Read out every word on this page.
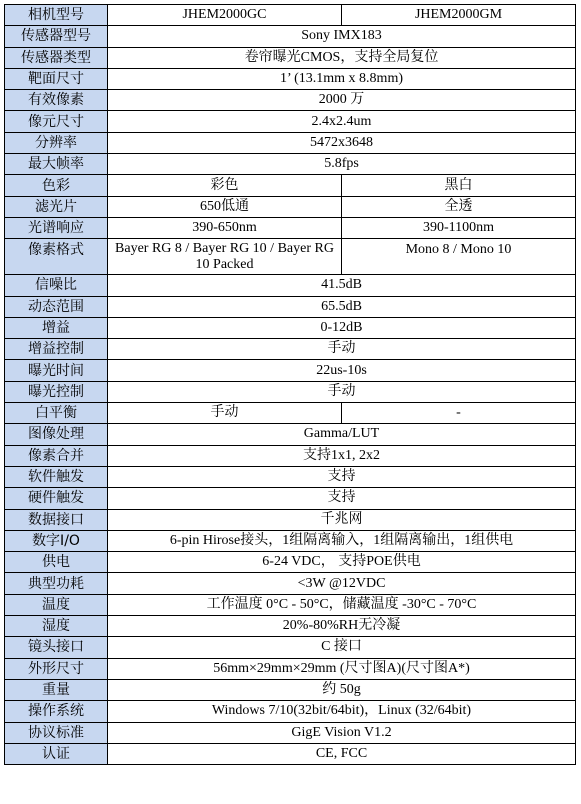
相机型号	JHEM2000GC	JHEM2000GM
传感器型号	Sony IMX183	
传感器类型	卷帘曝光CMOS，支持全局复位	
靶面尺寸	1’ (13.1mm x 8.8mm)	
有效像素	2000 万	
像元尺寸	2.4x2.4um	
分辨率	5472x3648	
最大帧率	5.8fps	
色彩	彩色	黑白
滤光片	650低通	全透
光谱响应	390-650nm	390-1100nm
像素格式	Bayer RG 8 / Bayer RG 10 / Bayer RG 10 Packed	Mono 8 / Mono 10
信噪比	41.5dB	
动态范围	65.5dB	
增益	0-12dB	
增益控制	手动	
曝光时间	22us-10s	
曝光控制	手动	
白平衡	手动	-
图像处理	Gamma/LUT	
像素合并	支持1x1, 2x2	
软件触发	支持	
硬件触发	支持	
数据接口	千兆网	
数字I/O	6-pin Hirose接头，1组隔离输入，1组隔离输出，1组供电	
供电	6-24 VDC， 支持POE供电	
典型功耗	<3W @12VDC	
温度	工作温度 0°C - 50°C，储藏温度 -30°C - 70°C	
湿度	20%-80%RH无冷凝	
镜头接口	C 接口	
外形尺寸	56mm×29mm×29mm (尺寸图A)(尺寸图A*)	
重量	约 50g	
操作系统	Windows 7/10(32bit/64bit)，Linux (32/64bit)	
协议标准	GigE Vision V1.2	
认证	CE, FCC	
